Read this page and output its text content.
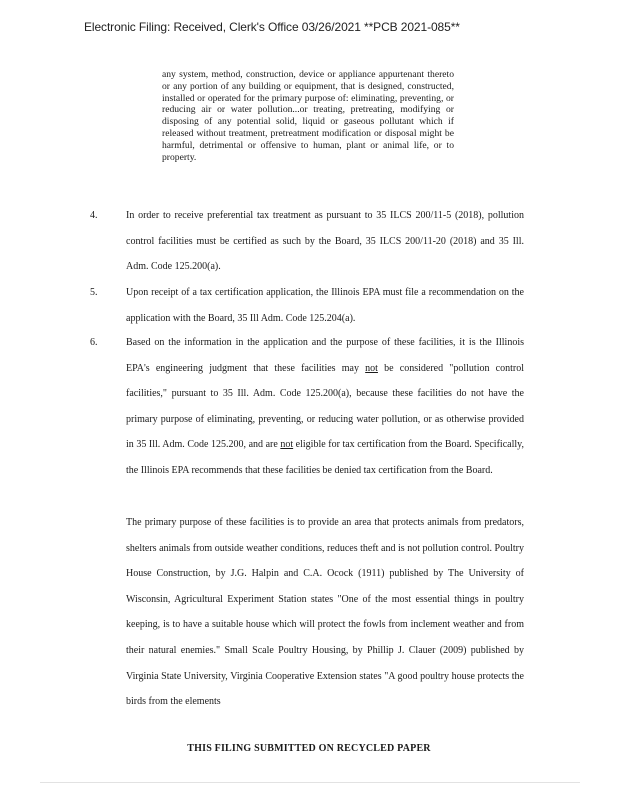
Electronic Filing: Received, Clerk's Office 03/26/2021 **PCB 2021-085**
any system, method, construction, device or appliance appurtenant thereto or any portion of any building or equipment, that is designed, constructed, installed or operated for the primary purpose of: eliminating, preventing, or reducing air or water pollution...or treating, pretreating, modifying or disposing of any potential solid, liquid or gaseous pollutant which if released without treatment, pretreatment modification or disposal might be harmful, detrimental or offensive to human, plant or animal life, or to property.
4.	In order to receive preferential tax treatment as pursuant to 35 ILCS 200/11-5 (2018), pollution control facilities must be certified as such by the Board, 35 ILCS 200/11-20 (2018) and 35 Ill. Adm. Code 125.200(a).
5.	Upon receipt of a tax certification application, the Illinois EPA must file a recommendation on the application with the Board, 35 Ill Adm. Code 125.204(a).
6.	Based on the information in the application and the purpose of these facilities, it is the Illinois EPA's engineering judgment that these facilities may not be considered "pollution control facilities," pursuant to 35 Ill. Adm. Code 125.200(a), because these facilities do not have the primary purpose of eliminating, preventing, or reducing water pollution, or as otherwise provided in 35 Ill. Adm. Code 125.200, and are not eligible for tax certification from the Board. Specifically, the Illinois EPA recommends that these facilities be denied tax certification from the Board.
The primary purpose of these facilities is to provide an area that protects animals from predators, shelters animals from outside weather conditions, reduces theft and is not pollution control. Poultry House Construction, by J.G. Halpin and C.A. Ocock (1911) published by The University of Wisconsin, Agricultural Experiment Station states "One of the most essential things in poultry keeping, is to have a suitable house which will protect the fowls from inclement weather and from their natural enemies." Small Scale Poultry Housing, by Phillip J. Clauer (2009) published by Virginia State University, Virginia Cooperative Extension states "A good poultry house protects the birds from the elements
THIS FILING SUBMITTED ON RECYCLED PAPER
